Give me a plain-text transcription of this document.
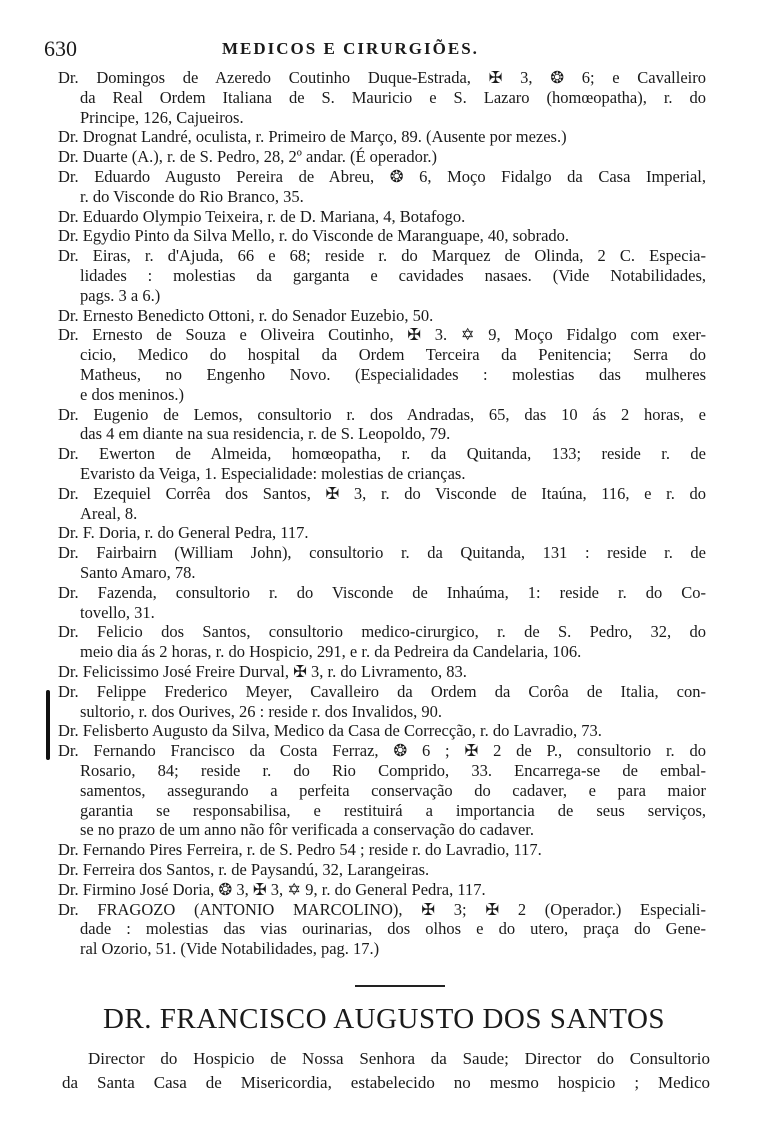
630	MEDICOS E CIRURGIÕES.
Dr. Domingos de Azeredo Coutinho Duque-Estrada, ✠ 3, ❂ 6; e Cavalleiro
da Real Ordem Italiana de S. Mauricio e S. Lazaro (homœopatha), r. do
Principe, 126, Cajueiros.
Dr. Drognat Landré, oculista, r. Primeiro de Março, 89. (Ausente por mezes.)
Dr. Duarte (A.), r. de S. Pedro, 28, 2º andar. (É operador.)
Dr. Eduardo Augusto Pereira de Abreu, ❂ 6, Moço Fidalgo da Casa Imperial,
r. do Visconde do Rio Branco, 35.
Dr. Eduardo Olympio Teixeira, r. de D. Mariana, 4, Botafogo.
Dr. Egydio Pinto da Silva Mello, r. do Visconde de Maranguape, 40, sobrado.
Dr. Eiras, r. d'Ajuda, 66 e 68; reside r. do Marquez de Olinda, 2 C. Especia-
lidades : molestias da garganta e cavidades nasaes. (Vide Notabilidades,
pags. 3 a 6.)
Dr. Ernesto Benedicto Ottoni, r. do Senador Euzebio, 50.
Dr. Ernesto de Souza e Oliveira Coutinho, ✠ 3. ✡ 9, Moço Fidalgo com exer-
cicio, Medico do hospital da Ordem Terceira da Penitencia; Serra do
Matheus, no Engenho Novo. (Especialidades : molestias das mulheres
e dos meninos.)
Dr. Eugenio de Lemos, consultorio r. dos Andradas, 65, das 10 ás 2 horas, e
das 4 em diante na sua residencia, r. de S. Leopoldo, 79.
Dr. Ewerton de Almeida, homœopatha, r. da Quitanda, 133; reside r. de
Evaristo da Veiga, 1. Especialidade: molestias de crianças.
Dr. Ezequiel Corrêa dos Santos, ✠ 3, r. do Visconde de Itaúna, 116, e r. do
Areal, 8.
Dr. F. Doria, r. do General Pedra, 117.
Dr. Fairbairn (William John), consultorio r. da Quitanda, 131 : reside r. de
Santo Amaro, 78.
Dr. Fazenda, consultorio r. do Visconde de Inhaúma, 1: reside r. do Co-
tovello, 31.
Dr. Felicio dos Santos, consultorio medico-cirurgico, r. de S. Pedro, 32, do
meio dia ás 2 horas, r. do Hospicio, 291, e r. da Pedreira da Candelaria, 106.
Dr. Felicissimo José Freire Durval, ✠ 3, r. do Livramento, 83.
Dr. Felippe Frederico Meyer, Cavalleiro da Ordem da Corôa de Italia, con-
sultorio, r. dos Ourives, 26 : reside r. dos Invalidos, 90.
Dr. Felisberto Augusto da Silva, Medico da Casa de Correcção, r. do Lavradio, 73.
Dr. Fernando Francisco da Costa Ferraz, ❂ 6 ; ✠ 2 de P., consultorio r. do
Rosario, 84; reside r. do Rio Comprido, 33. Encarrega-se de embal-
samentos, assegurando a perfeita conservação do cadaver, e para maior
garantia se responsabilisa, e restituirá a importancia de seus serviços,
se no prazo de um anno não fôr verificada a conservação do cadaver.
Dr. Fernando Pires Ferreira, r. de S. Pedro 54 ; reside r. do Lavradio, 117.
Dr. Ferreira dos Santos, r. de Paysandú, 32, Larangeiras.
Dr. Firmino José Doria, ❂ 3, ✠ 3, ✡ 9, r. do General Pedra, 117.
Dr. FRAGOZO (ANTONIO MARCOLINO), ✠ 3; ✠ 2 (Operador.) Especiali-
dade : molestias das vias ourinarias, dos olhos e do utero, praça do Gene-
ral Ozorio, 51. (Vide Notabilidades, pag. 17.)
DR. FRANCISCO AUGUSTO DOS SANTOS
Director do Hospicio de Nossa Senhora da Saude; Director do Consultorio
da Santa Casa de Misericordia, estabelecido no mesmo hospicio ; Medico
